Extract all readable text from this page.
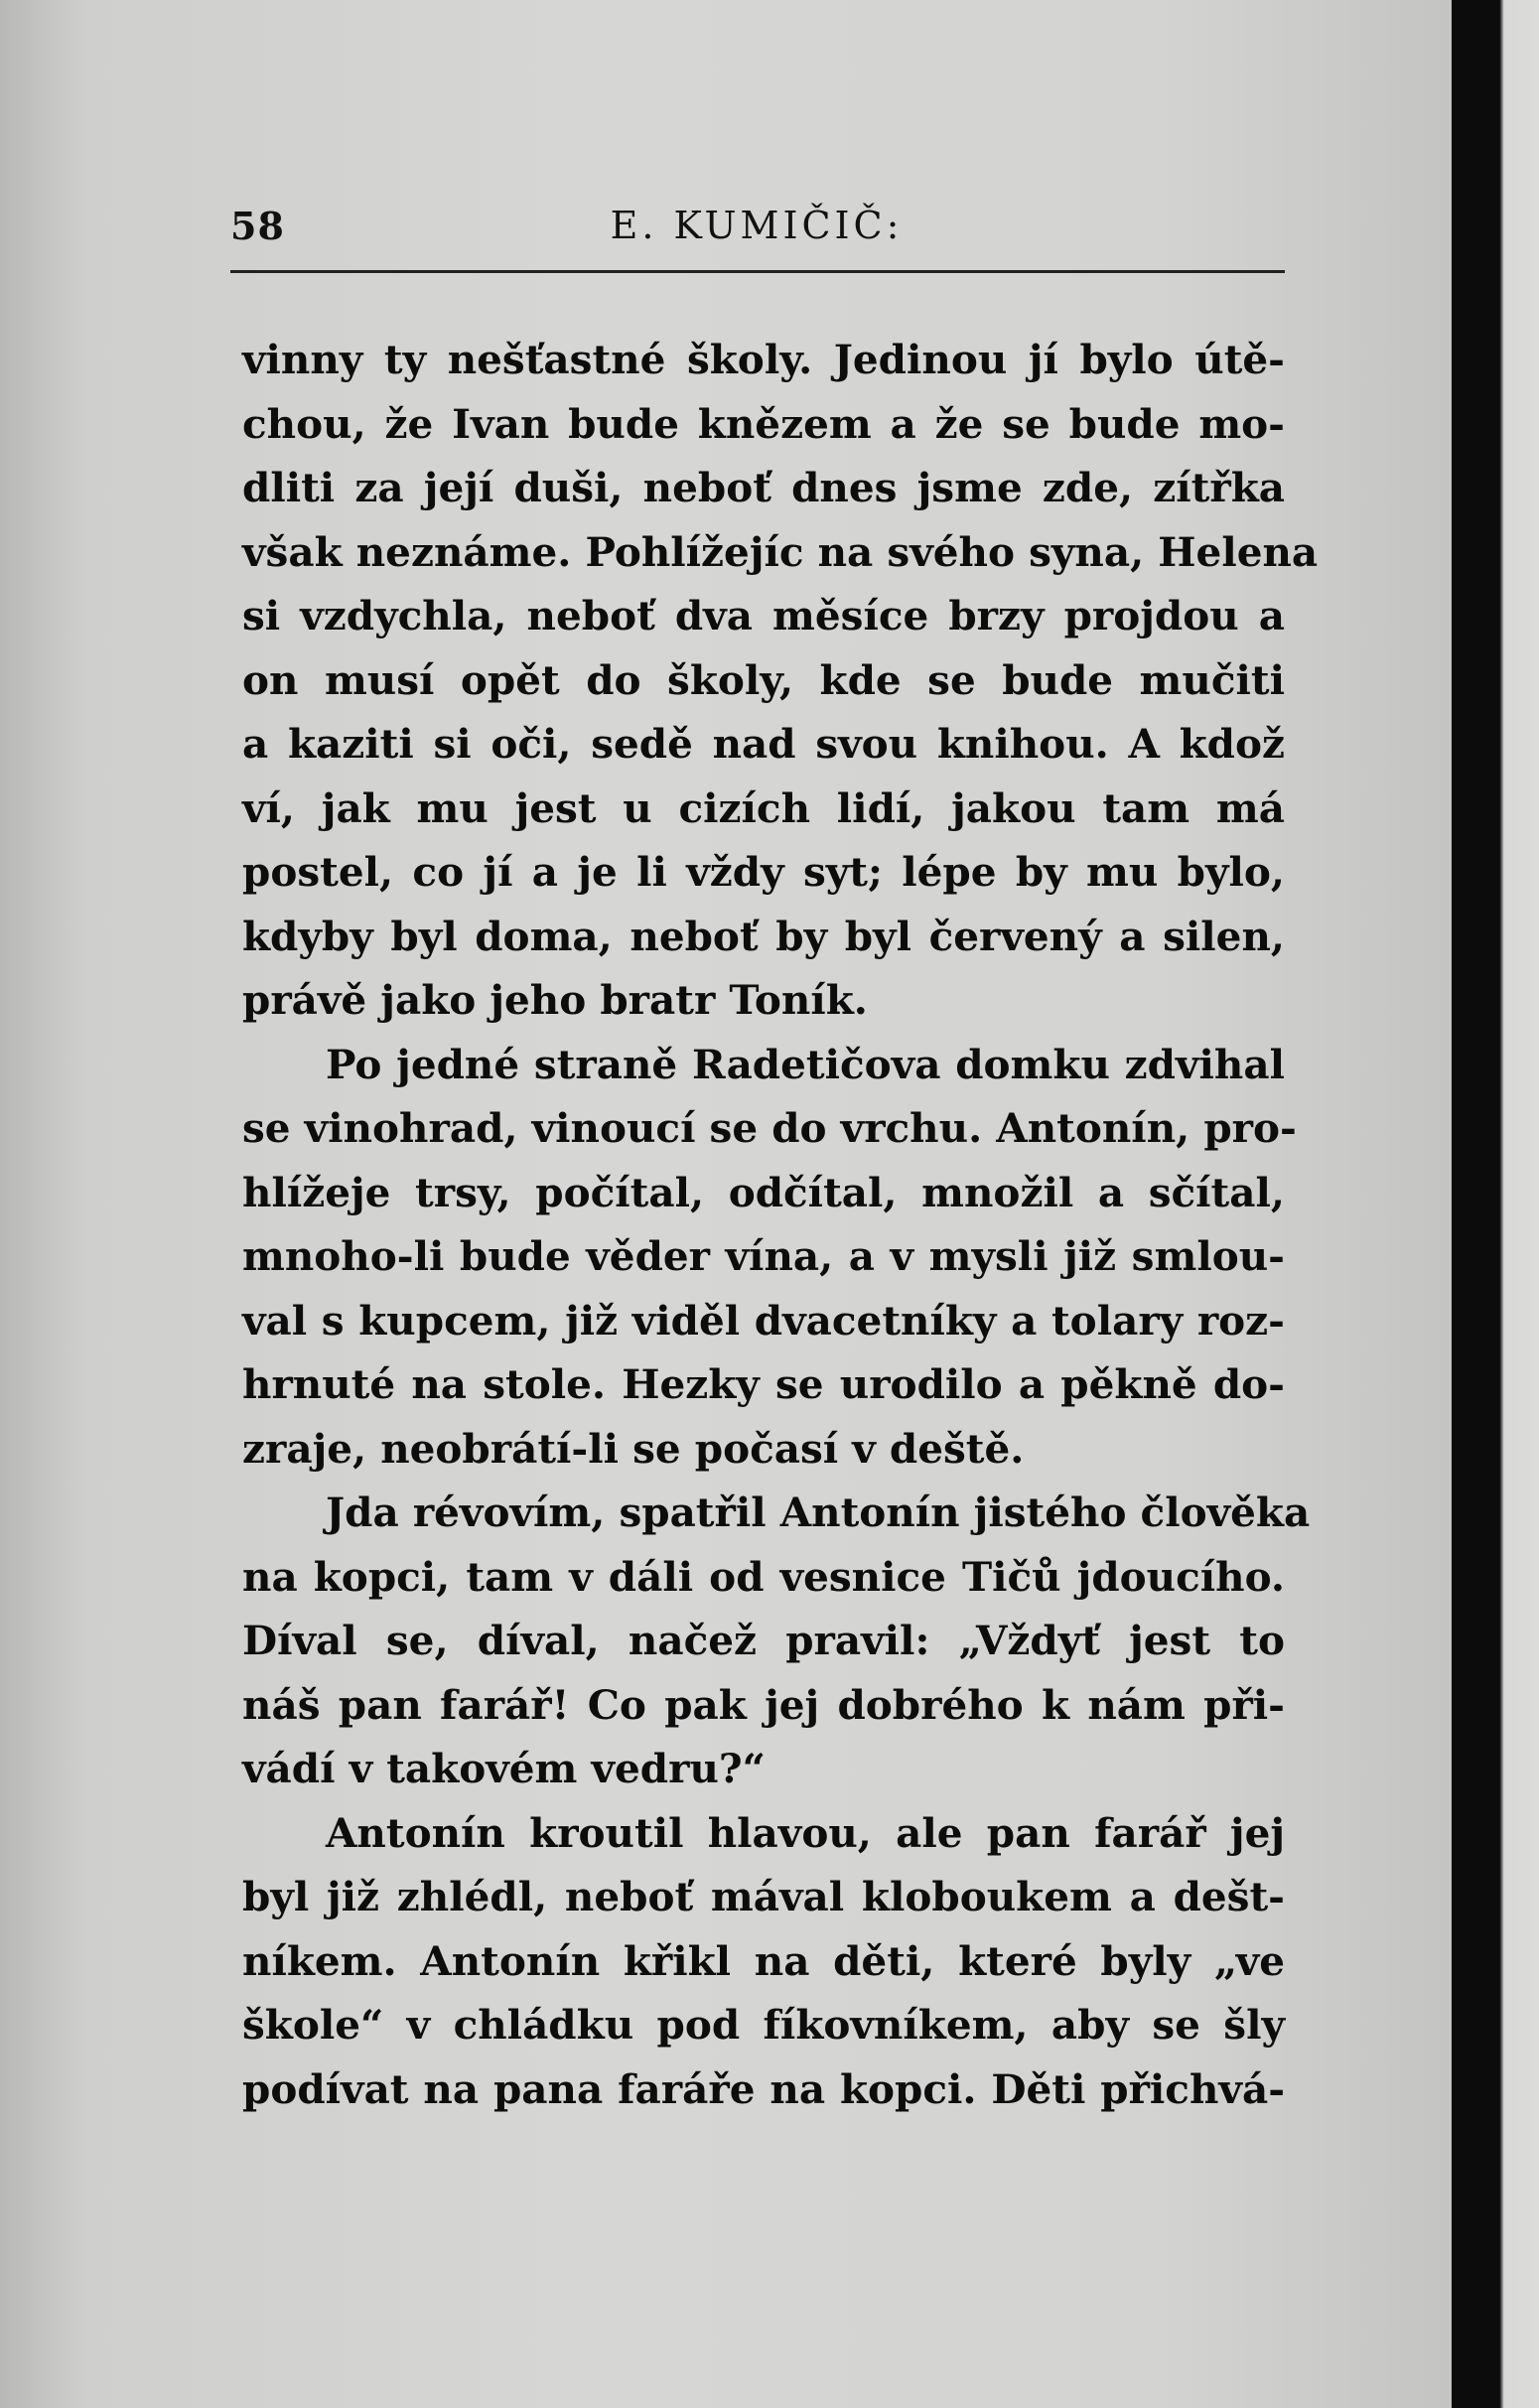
58	E. KUMIČIČ:
vinny ty nešťastné školy. Jedinou jí bylo útě-
chou, že Ivan bude knězem a že se bude mo-
dliti za její duši, neboť dnes jsme zde, zítřka
však neznáme. Pohlížejíc na svého syna, Helena
si vzdychla, neboť dva měsíce brzy projdou a
on musí opět do školy, kde se bude mučiti
a kaziti si oči, sedě nad svou knihou. A kdož
ví, jak mu jest u cizích lidí, jakou tam má
postel, co jí a je li vždy syt; lépe by mu bylo,
kdyby byl doma, neboť by byl červený a silen,
právě jako jeho bratr Toník.
Po jedné straně Radetičova domku zdvihal
se vinohrad, vinoucí se do vrchu. Antonín, pro-
hlížeje trsy, počítal, odčítal, množil a sčítal,
mnoho-li bude věder vína, a v mysli již smlou-
val s kupcem, již viděl dvacetníky a tolary roz-
hrnuté na stole. Hezky se urodilo a pěkně do-
zraje, neobrátí-li se počasí v deště.
Jda révovím, spatřil Antonín jistého člověka
na kopci, tam v dáli od vesnice Tičů jdoucího.
Díval se, díval, načež pravil: „Vždyť jest to
náš pan farář! Co pak jej dobrého k nám při-
vádí v takovém vedru?“
Antonín kroutil hlavou, ale pan farář jej
byl již zhlédl, neboť mával kloboukem a dešt-
níkem. Antonín křikl na děti, které byly „ve
škole“ v chládku pod fíkovníkem, aby se šly
podívat na pana faráře na kopci. Děti přichvá-
